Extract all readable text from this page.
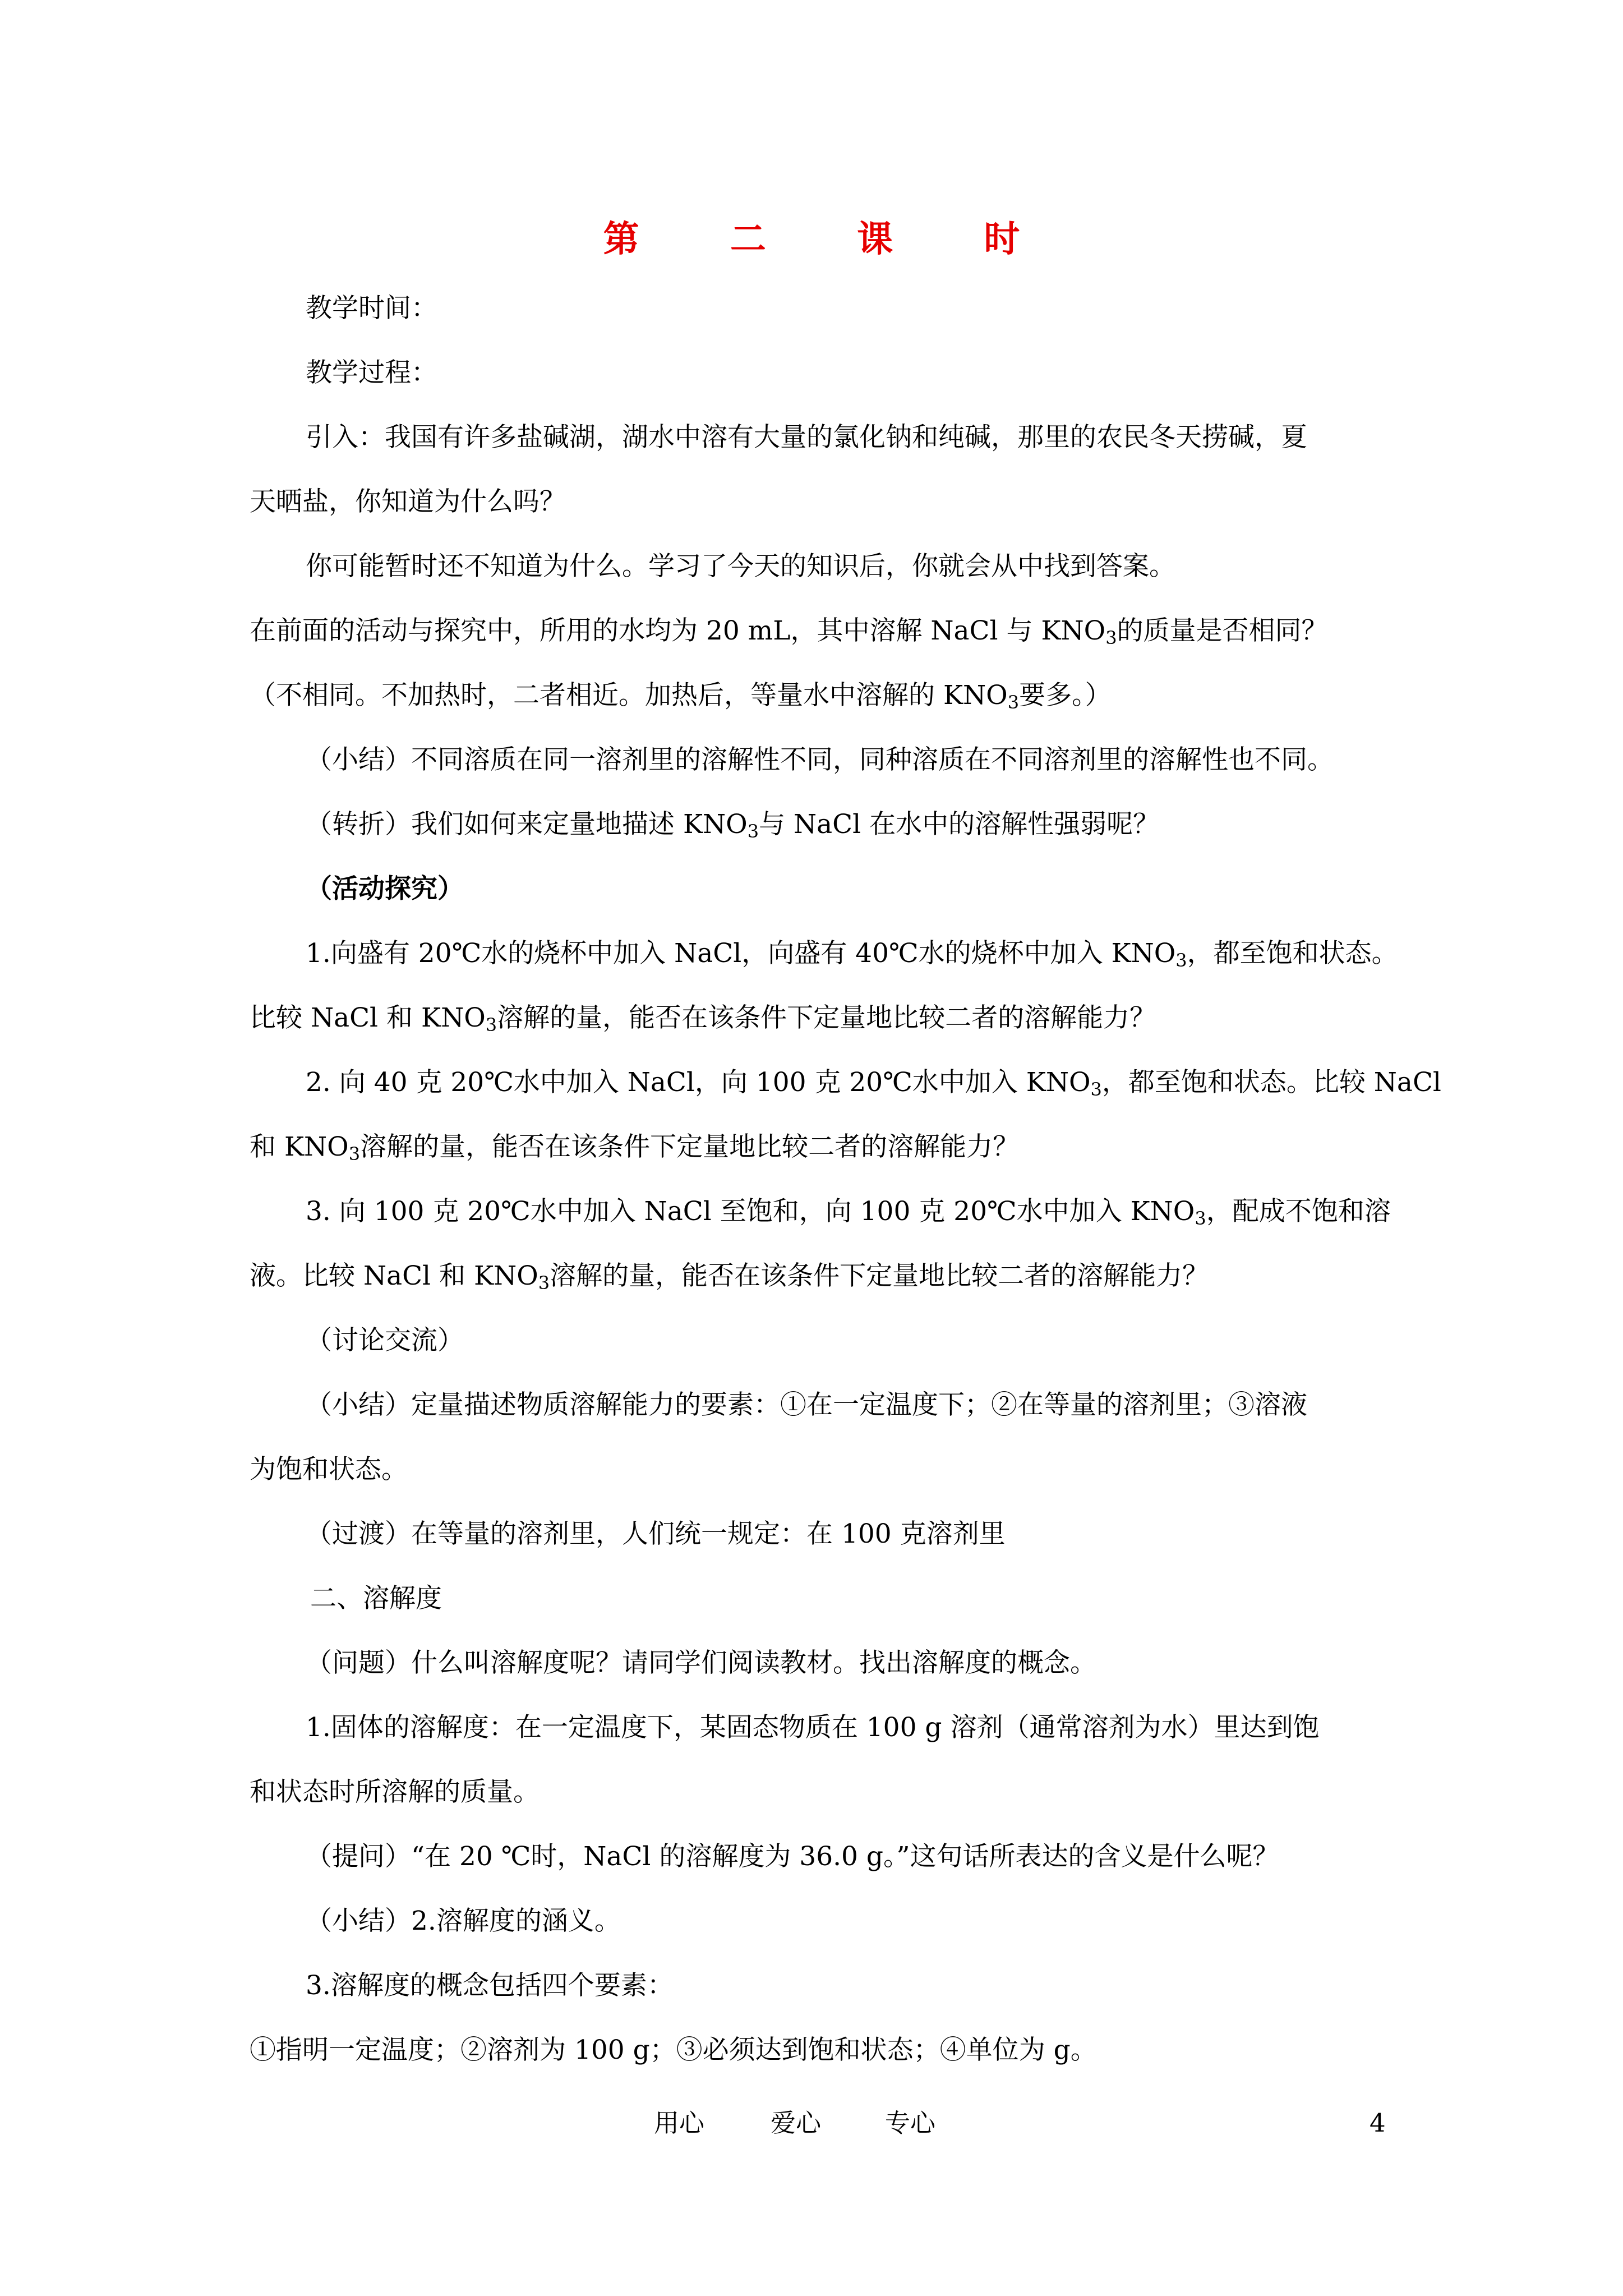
第 二 课 时
教学时间：
教学过程：
引入：我国有许多盐碱湖，湖水中溶有大量的氯化钠和纯碱，那里的农民冬天捞碱，夏
天晒盐，你知道为什么吗？
你可能暂时还不知道为什么。学习了今天的知识后，你就会从中找到答案。
在前面的活动与探究中，所用的水均为 20 mL，其中溶解 NaCl 与 $KNO_3$的质量是否相同？
（不相同。不加热时，二者相近。加热后，等量水中溶解的 $KNO_3$要多。）
（小结）不同溶质在同一溶剂里的溶解性不同，同种溶质在不同溶剂里的溶解性也不同。
（转折）我们如何来定量地描述 $KNO_3$与 NaCl 在水中的溶解性强弱呢？
（活动探究）
1.向盛有 20℃水的烧杯中加入 NaCl，向盛有 40℃水的烧杯中加入 $KNO_3$，都至饱和状态。
比较 NaCl 和 $KNO_3$溶解的量，能否在该条件下定量地比较二者的溶解能力？
2. 向 40 克 20℃水中加入 NaCl，向 100 克 20℃水中加入 $KNO_3$，都至饱和状态。比较 NaCl
和 $KNO_3$溶解的量，能否在该条件下定量地比较二者的溶解能力？
3. 向 100 克 20℃水中加入 NaCl 至饱和，向 100 克 20℃水中加入 $KNO_3$，配成不饱和溶
液。比较 NaCl 和 $KNO_3$溶解的量，能否在该条件下定量地比较二者的溶解能力？
（讨论交流）
（小结）定量描述物质溶解能力的要素：①在一定温度下；②在等量的溶剂里；③溶液
为饱和状态。
（过渡）在等量的溶剂里，人们统一规定：在 100 克溶剂里
二、溶解度
（问题）什么叫溶解度呢？请同学们阅读教材。找出溶解度的概念。
1.固体的溶解度：在一定温度下，某固态物质在 100 g 溶剂（通常溶剂为水）里达到饱
和状态时所溶解的质量。
（提问）“在 20 ℃时，NaCl 的溶解度为 36.0 g。”这句话所表达的含义是什么呢？
（小结）2.溶解度的涵义。
3.溶解度的概念包括四个要素：
①指明一定温度；②溶剂为 100 g；③必须达到饱和状态；④单位为 g。
用心	爱心	专心	4
